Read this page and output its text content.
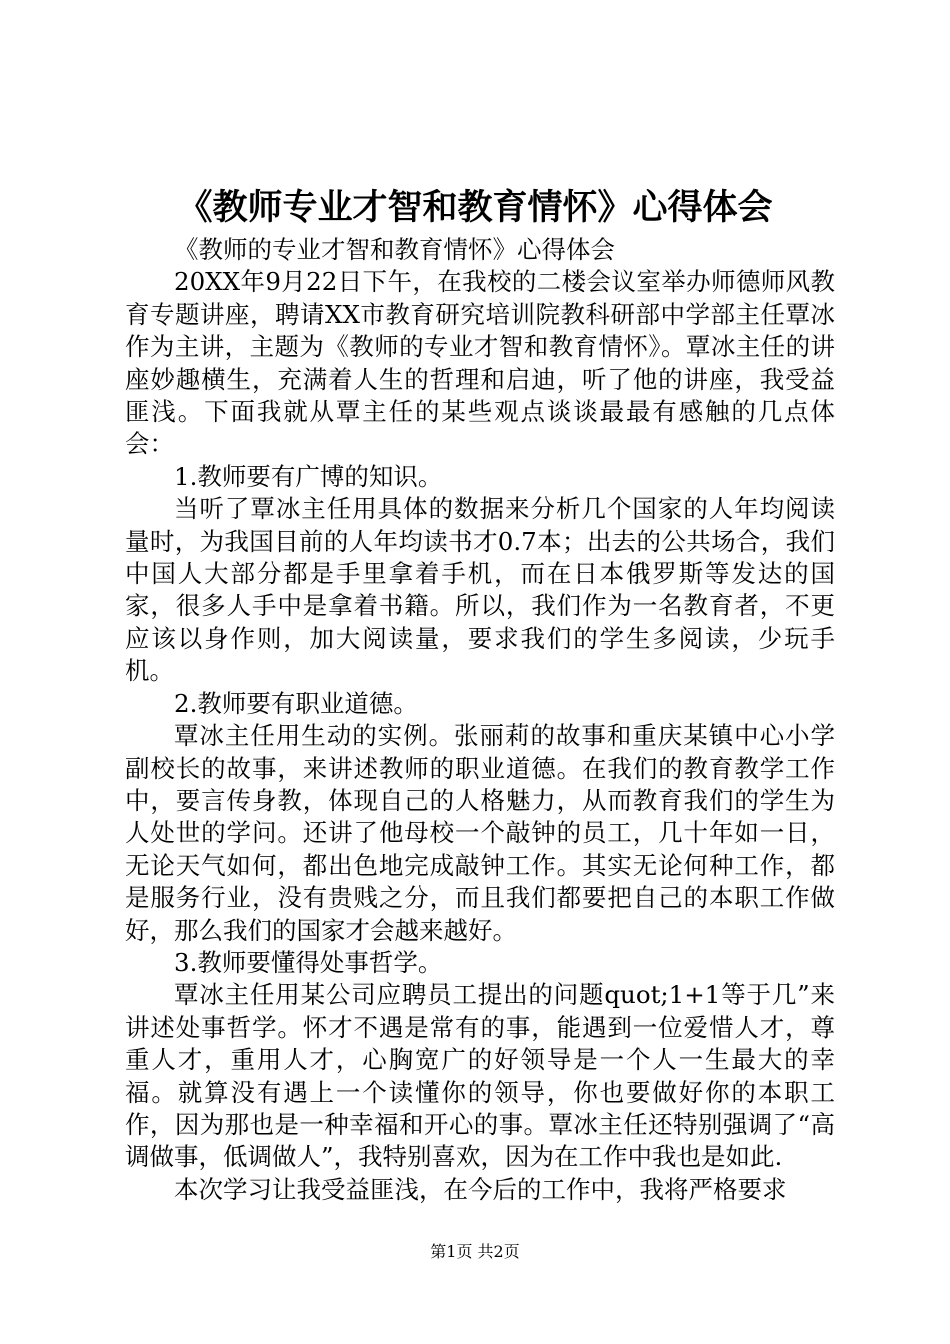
《教师专业才智和教育情怀》心得体会

《教师的专业才智和教育情怀》心得体会

20XX年9月22日下午，在我校的二楼会议室举办师德师风教育专题讲座，聘请XX市教育研究培训院教科研部中学部主任覃冰作为主讲，主题为《教师的专业才智和教育情怀》。覃冰主任的讲座妙趣横生，充满着人生的哲理和启迪，听了他的讲座，我受益匪浅。下面我就从覃主任的某些观点谈谈最最有感触的几点体会：

1.教师要有广博的知识。

当听了覃冰主任用具体的数据来分析几个国家的人年均阅读量时，为我国目前的人年均读书才0.7本；出去的公共场合，我们中国人大部分都是手里拿着手机，而在日本俄罗斯等发达的国家，很多人手中是拿着书籍。所以，我们作为一名教育者，不更应该以身作则，加大阅读量，要求我们的学生多阅读，少玩手机。

2.教师要有职业道德。

覃冰主任用生动的实例。张丽莉的故事和重庆某镇中心小学副校长的故事，来讲述教师的职业道德。在我们的教育教学工作中，要言传身教，体现自己的人格魅力，从而教育我们的学生为人处世的学问。还讲了他母校一个敲钟的员工，几十年如一日，无论天气如何，都出色地完成敲钟工作。其实无论何种工作，都是服务行业，没有贵贱之分，而且我们都要把自己的本职工作做好，那么我们的国家才会越来越好。

3.教师要懂得处事哲学。

覃冰主任用某公司应聘员工提出的问题quot;1+1等于几”来讲述处事哲学。怀才不遇是常有的事，能遇到一位爱惜人才，尊重人才，重用人才，心胸宽广的好领导是一个人一生最大的幸福。就算没有遇上一个读懂你的领导，你也要做好你的本职工作，因为那也是一种幸福和开心的事。覃冰主任还特别强调了“高调做事，低调做人”，我特别喜欢，因为在工作中我也是如此.

本次学习让我受益匪浅，在今后的工作中，我将严格要求

第1页 共2页
